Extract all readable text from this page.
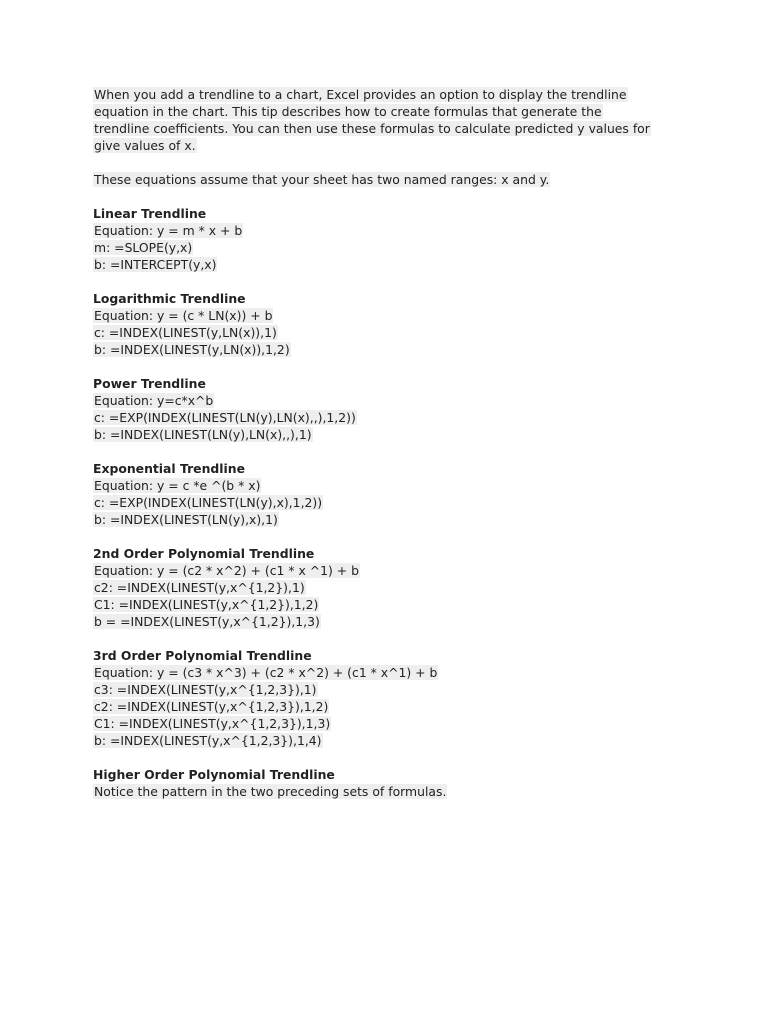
When you add a trendline to a chart, Excel provides an option to display the trendline
equation in the chart. This tip describes how to create formulas that generate the
trendline coefficients. You can then use these formulas to calculate predicted y values for
give values of x.
These equations assume that your sheet has two named ranges: x and y.
Linear Trendline
Equation: y = m * x + b
m: =SLOPE(y,x)
b: =INTERCEPT(y,x)
Logarithmic Trendline
Equation: y = (c * LN(x)) + b
c: =INDEX(LINEST(y,LN(x)),1)
b: =INDEX(LINEST(y,LN(x)),1,2)
Power Trendline
Equation: y=c*x^b
c: =EXP(INDEX(LINEST(LN(y),LN(x),,),1,2))
b: =INDEX(LINEST(LN(y),LN(x),,),1)
Exponential Trendline
Equation: y = c *e ^(b * x)
c: =EXP(INDEX(LINEST(LN(y),x),1,2))
b: =INDEX(LINEST(LN(y),x),1)
2nd Order Polynomial Trendline
Equation: y = (c2 * x^2) + (c1 * x ^1) + b
c2: =INDEX(LINEST(y,x^{1,2}),1)
C1: =INDEX(LINEST(y,x^{1,2}),1,2)
b = =INDEX(LINEST(y,x^{1,2}),1,3)
3rd Order Polynomial Trendline
Equation: y = (c3 * x^3) + (c2 * x^2) + (c1 * x^1) + b
c3: =INDEX(LINEST(y,x^{1,2,3}),1)
c2: =INDEX(LINEST(y,x^{1,2,3}),1,2)
C1: =INDEX(LINEST(y,x^{1,2,3}),1,3)
b: =INDEX(LINEST(y,x^{1,2,3}),1,4)
Higher Order Polynomial Trendline
Notice the pattern in the two preceding sets of formulas.
